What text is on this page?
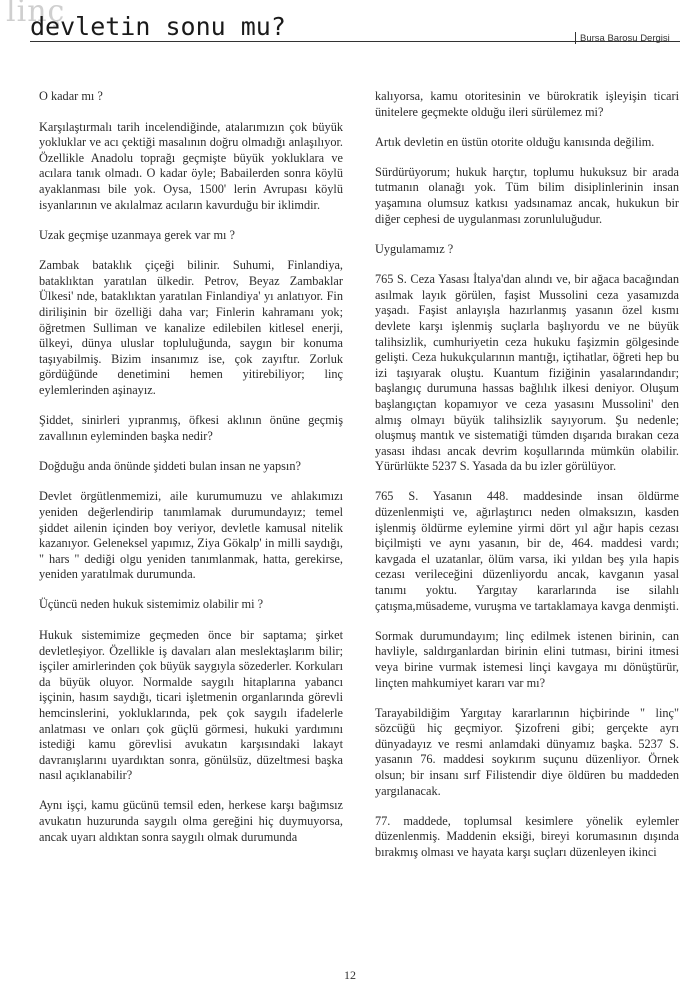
linç
devletin sonu mu?	Bursa Barosu Dergisi

O kadar mı ?

Karşılaştırmalı tarih incelendiğinde, atalarımızın çok büyük yokluklar ve acı çektiği masalının doğru olmadığı anlaşılıyor. Özellikle Anadolu toprağı geçmişte büyük yokluklara ve acılara tanık olmadı. O kadar öyle; Babailerden sonra köylü ayaklanması bile yok. Oysa, 1500' lerin Avrupası köylü isyanlarının ve akılalmaz acıların kavurduğu bir iklimdir.

Uzak geçmişe uzanmaya gerek var mı ?

Zambak bataklık çiçeği bilinir. Suhumi, Finlandiya, bataklıktan yaratılan ülkedir. Petrov, Beyaz Zambaklar Ülkesi' nde, bataklıktan yaratılan Finlandiya' yı anlatıyor. Fin dirilişinin bir özelliği daha var; Finlerin kahramanı yok; öğretmen Sulliman ve kanalize edilebilen kitlesel enerji, ülkeyi, dünya uluslar topluluğunda, saygın bir konuma taşıyabilmiş. Bizim insanımız ise, çok zayıftır. Zorluk gördüğünde denetimini hemen yitirebiliyor; linç eylemlerinden aşinayız.

Şiddet, sinirleri yıpranmış, öfkesi aklının önüne geçmiş zavallının eyleminden başka nedir?

Doğduğu anda önünde şiddeti bulan insan ne yapsın?

Devlet örgütlenmemizi, aile kurumumuzu ve ahlakımızı yeniden değerlendirip tanımlamak durumundayız; temel şiddet ailenin içinden boy veriyor, devletle kamusal nitelik kazanıyor. Geleneksel yapımız, Ziya Gökalp' in milli saydığı, " hars " dediği olgu yeniden tanımlanmak, hatta, gerekirse, yeniden yaratılmak durumunda.

Üçüncü neden hukuk sistemimiz olabilir mi ?

Hukuk sistemimize geçmeden önce bir saptama; şirket devletleşiyor. Özellikle iş davaları alan meslektaşlarım bilir; işçiler amirlerinden çok büyük saygıyla sözederler. Korkuları da büyük oluyor. Normalde saygılı hitaplarına yabancı işçinin, hasım saydığı, ticari işletmenin organlarında görevli hemcinslerini, yokluklarında, pek çok saygılı ifadelerle anlatması ve onları çok güçlü görmesi, hukuki yardımını istediği kamu görevlisi avukatın karşısındaki lakayt davranışlarını uyardıktan sonra, gönülsüz, düzeltmesi başka nasıl açıklanabilir?

Aynı işçi, kamu gücünü temsil eden, herkese karşı bağımsız avukatın huzurunda saygılı olma gereğini hiç duymuyorsa, ancak uyarı aldıktan sonra saygılı olmak durumunda

kalıyorsa, kamu otoritesinin ve bürokratik işleyişin ticari ünitelere geçmekte olduğu ileri sürülemez mi?

Artık devletin en üstün otorite olduğu kanısında değilim.

Sürdürüyorum; hukuk harçtır, toplumu hukuksuz bir arada tutmanın olanağı yok. Tüm bilim disiplinlerinin insan yaşamına olumsuz katkısı yadsınamaz ancak, hukukun bir diğer cephesi de uygulanması zorunluluğudur.

Uygulamamız ?

765 S. Ceza Yasası İtalya'dan alındı ve, bir ağaca bacağından asılmak layık görülen, faşist Mussolini ceza yasamızda yaşadı. Faşist anlayışla hazırlanmış yasanın özel kısmı devlete karşı işlenmiş suçlarla başlıyordu ve ne büyük talihsizlik, cumhuriyetin ceza hukuku faşizmin gölgesinde gelişti. Ceza hukukçularının mantığı, içtihatlar, öğreti hep bu izi taşıyarak oluştu. Kuantum fiziğinin yasalarındandır; başlangıç durumuna hassas bağlılık ilkesi deniyor. Oluşum başlangıçtan kopamıyor ve ceza yasasını Mussolini' den almış olmayı büyük talihsizlik sayıyorum. Şu nedenle; oluşmuş mantık ve sistematiği tümden dışarıda bırakan ceza yasası ihdası ancak devrim koşullarında mümkün olabilir. Yürürlükte 5237 S. Yasada da bu izler görülüyor.

765 S. Yasanın 448. maddesinde insan öldürme düzenlenmişti ve, ağırlaştırıcı neden olmaksızın, kasden işlenmiş öldürme eylemine yirmi dört yıl ağır hapis cezası biçilmişti ve aynı yasanın, bir de, 464. maddesi vardı; kavgada el uzatanlar, ölüm varsa, iki yıldan beş yıla hapis cezası verileceğini düzenliyordu ancak, kavganın yasal tanımı yoktu. Yargıtay kararlarında ise silahlı çatışma,müsademe, vuruşma ve tartaklamaya kavga denmişti.

Sormak durumundayım; linç edilmek istenen birinin, can havliyle, saldırganlardan birinin elini tutması, birini itmesi veya birine vurmak istemesi linçi kavgaya mı dönüştürür, linçten mahkumiyet kararı var mı?

Tarayabildiğim Yargıtay kararlarının hiçbirinde " linç" sözcüğü hiç geçmiyor. Şizofreni gibi; gerçekte ayrı dünyadayız ve resmi anlamdaki dünyamız başka. 5237 S. yasanın 76. maddesi soykırım suçunu düzenliyor. Örnek olsun; bir insanı sırf Filistendir diye öldüren bu maddeden yargılanacak.

77. maddede, toplumsal kesimlere yönelik eylemler düzenlenmiş. Maddenin eksiği, bireyi korumasının dışında bırakmış olması ve hayata karşı suçları düzenleyen ikinci

12
